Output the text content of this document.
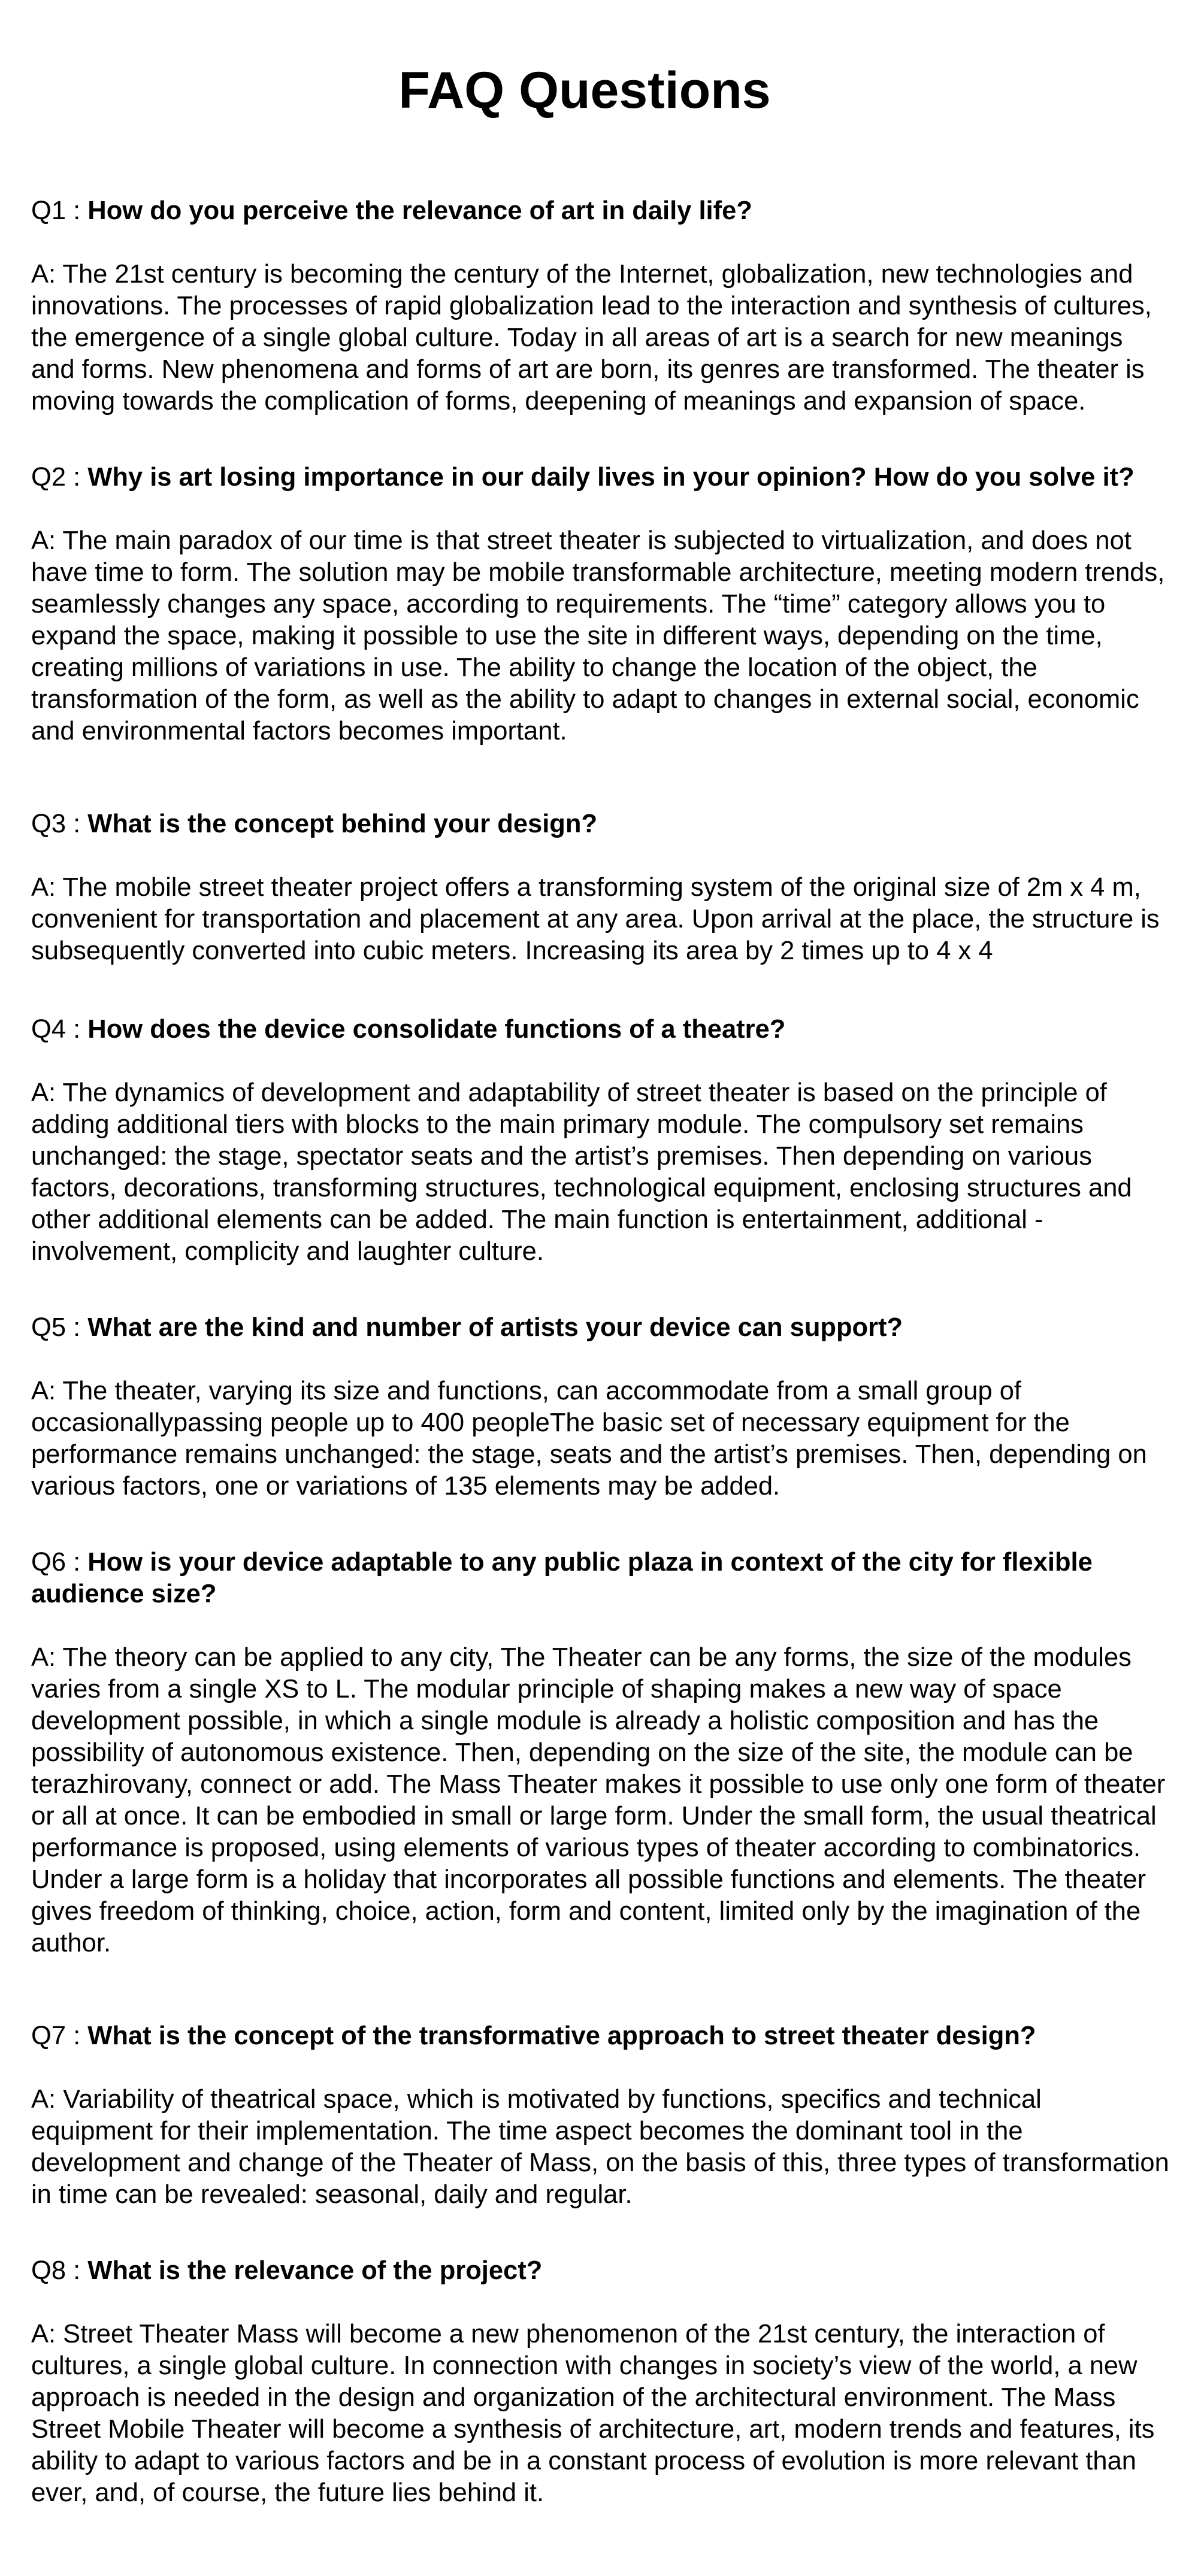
FAQ Questions

Q1 : How do you perceive the relevance of art in daily life?

A: The 21st century is becoming the century of the Internet, globalization, new technologies and innovations. The processes of rapid globalization lead to the interaction and synthesis of cultures, the emergence of a single global culture. Today in all areas of art is a search for new meanings and forms. New phenomena and forms of art are born, its genres are transformed. The theater is moving towards the complication of forms, deepening of meanings and expansion of space.

Q2 : Why is art losing importance in our daily lives in your opinion? How do you solve it?

A: The main paradox of our time is that street theater is subjected to virtualization, and does not have time to form. The solution may be mobile transformable architecture, meeting modern trends, seamlessly changes any space, according to requirements. The “time” category allows you to expand the space, making it possible to use the site in different ways, depending on the time, creating millions of variations in use. The ability to change the location of the object, the transformation of the form, as well as the ability to adapt to changes in external social, economic and environmental factors becomes important.

Q3 : What is the concept behind your design?

A: The mobile street theater project offers a transforming system of the original size of 2m x 4 m, convenient for transportation and placement at any area. Upon arrival at the place, the structure is subsequently converted into cubic meters. Increasing its area by 2 times up to 4 x 4

Q4 : How does the device consolidate functions of a theatre?

A: The dynamics of development and adaptability of street theater is based on the principle of adding additional tiers with blocks to the main primary module. The compulsory set remains unchanged: the stage, spectator seats and the artist’s premises. Then depending on various factors, decorations, transforming structures, technological equipment, enclosing structures and other additional elements can be added. The main function is entertainment, additional - involvement, complicity and laughter culture.

Q5 : What are the kind and number of artists your device can support?

A: The theater, varying its size and functions, can accommodate from a small group of occasionallypassing people up to 400 peopleThe basic set of necessary equipment for the performance remains unchanged: the stage, seats and the artist’s premises. Then, depending on various factors, one or variations of 135 elements may be added.

Q6 : How is your device adaptable to any public plaza in context of the city for flexible audience size?

A: The theory can be applied to any city, The Theater can be any forms, the size of the modules varies from a single XS to L. The modular principle of shaping makes a new way of space development possible, in which a single module is already a holistic composition and has the possibility of autonomous existence. Then, depending on the size of the site, the module can be terazhirovany, connect or add. The Mass Theater makes it possible to use only one form of theater or all at once. It can be embodied in small or large form. Under the small form, the usual theatrical performance is proposed, using elements of various types of theater according to combinatorics. Under a large form is a holiday that incorporates all possible functions and elements. The theater gives freedom of thinking, choice, action, form and content, limited only by the imagination of the author.

Q7 : What is the concept of the transformative approach to street theater design?

A: Variability of theatrical space, which is motivated by functions, specifics and technical equipment for their implementation. The time aspect becomes the dominant tool in the development and change of the Theater of Mass, on the basis of this, three types of transformation in time can be revealed: seasonal, daily and regular.

Q8 : What is the relevance of the project?

A: Street Theater Mass will become a new phenomenon of the 21st century, the interaction of cultures, a single global culture. In connection with changes in society’s view of the world, a new approach is needed in the design and organization of the architectural environment. The Mass Street Mobile Theater will become a synthesis of architecture, art, modern trends and features, its ability to adapt to various factors and be in a constant process of evolution is more relevant than ever, and, of course, the future lies behind it.
